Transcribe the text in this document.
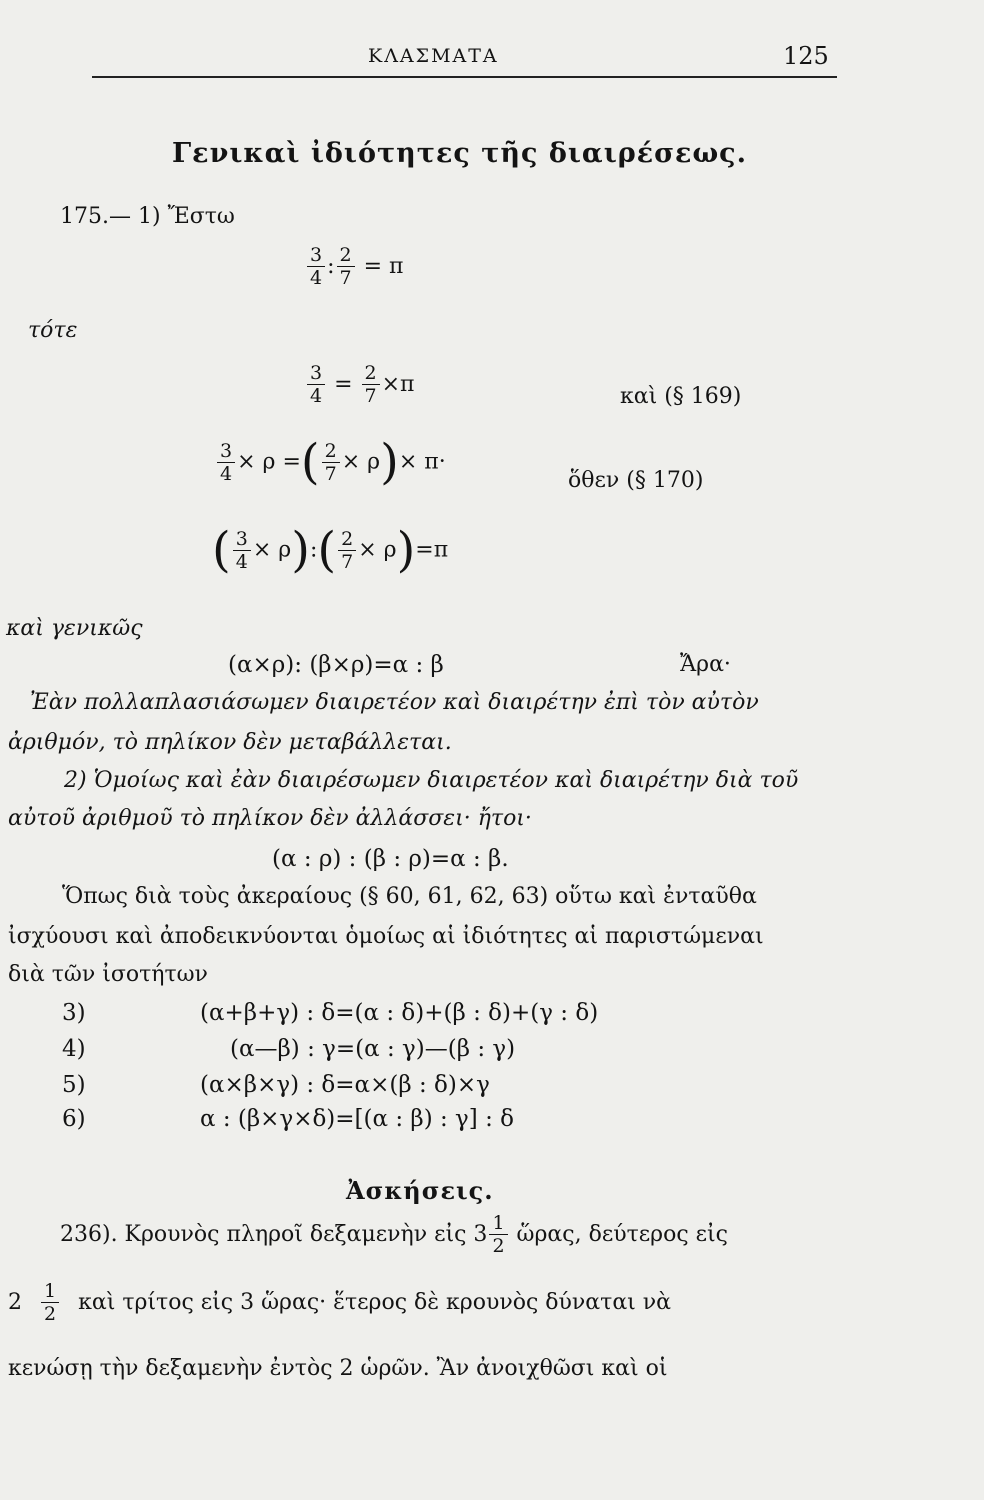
ΚΛΑΣΜΑΤΑ	125
Γενικαὶ ἰδιότητες τῆς διαιρέσεως.
175.— 1) Ἔστω
$\frac{3}{4}$ : $\frac{2}{7} = \pi$
τότε
$\frac{3}{4} = \frac{2}{7} \times\pi$	καὶ (§ 169)
$\frac{3}{4} \times \rho$ =( $\frac{2}{7} \times \rho)\times \pi\cdot$
ὅθεν (§ 170)
( $\frac{3}{4}$ × ρ):( $\frac{2}{7} \times \rho)=\pi$
καὶ γενικῶς
(α×ρ): (β×ρ)=α : β	Ἄρα·
Ἐὰν πολλαπλασιάσωμεν διαιρετέον καὶ διαιρέτην ἐπὶ τὸν αὐτὸν
ἀριθμόν, τὸ πηλίκον δὲν μεταβάλλεται.
2) Ὁμοίως καὶ ἐὰν διαιρέσωμεν διαιρετέον καὶ διαιρέτην διὰ τοῦ
αὐτοῦ ἀριθμοῦ τὸ πηλίκον δὲν ἀλλάσσει· ἤτοι·
(α : ρ) : (β : ρ)=α : β.
Ὅπως διὰ τοὺς ἀκεραίους (§ 60, 61, 62, 63) οὕτω καὶ ἐνταῦθα
ἰσχύουσι καὶ ἀποδεικνύονται ὁμοίως αἱ ἰδιότητες αἱ παριστώμεναι
διὰ τῶν ἰσοτήτων
3)	(α+β+γ) : δ=(α : δ)+(β : δ)+(γ : δ)
4)	(α—β) : γ=(α : γ)—(β : γ)
5)	(α×β×γ) : δ=α×(β : δ)×γ
6)	α : (β×γ×δ)=[(α : β) : γ] : δ
Ἀσκήσεις.
236). Κρουνὸς πληροῖ δεξαμενὴν εἰς $3 \frac{1}{2}$ ὥρας, δεύτερος εἰς
$2 \frac{1}{2}$ καὶ τρίτος εἰς 3 ὥρας· ἕτερος δὲ κρουνὸς δύναται νὰ
κενώσῃ τὴν δεξαμενὴν ἐντὸς 2 ὡρῶν. Ἂν ἀνοιχθῶσι καὶ οἱ
